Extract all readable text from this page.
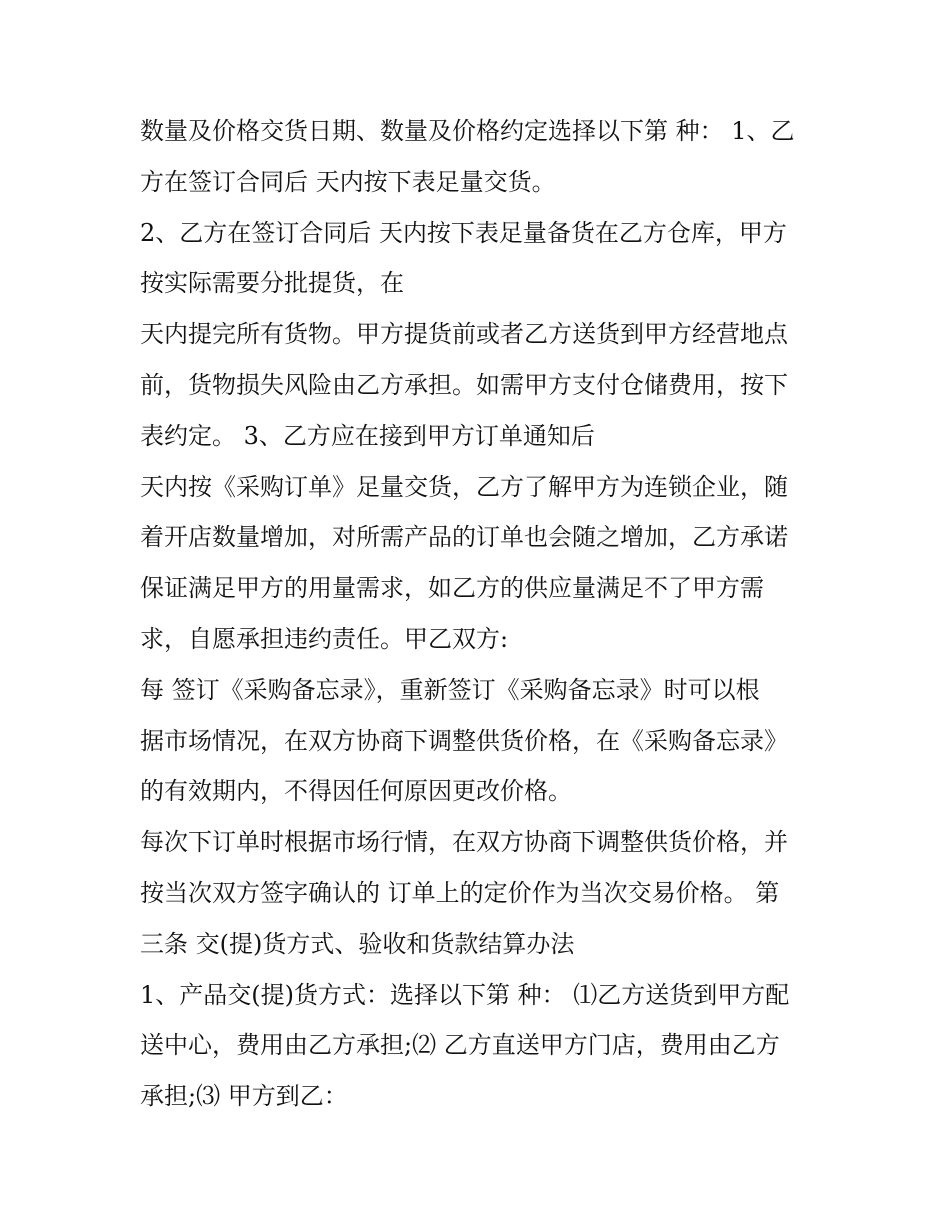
数量及价格交货日期、数量及价格约定选择以下第 种： 1、乙
方在签订合同后 天内按下表足量交货。
2、乙方在签订合同后 天内按下表足量备货在乙方仓库，甲方
按实际需要分批提货，在
天内提完所有货物。甲方提货前或者乙方送货到甲方经营地点
前，货物损失风险由乙方承担。如需甲方支付仓储费用，按下
表约定。 3、乙方应在接到甲方订单通知后
天内按《采购订单》足量交货，乙方了解甲方为连锁企业，随
着开店数量增加，对所需产品的订单也会随之增加，乙方承诺
保证满足甲方的用量需求，如乙方的供应量满足不了甲方需
求，自愿承担违约责任。甲乙双方:
每 签订《采购备忘录》，重新签订《采购备忘录》时可以根
据市场情况，在双方协商下调整供货价格，在《采购备忘录》
的有效期内，不得因任何原因更改价格。
每次下订单时根据市场行情，在双方协商下调整供货价格，并
按当次双方签字确认的 订单上的定价作为当次交易价格。 第
三条 交(提)货方式、验收和货款结算办法
1、产品交(提)货方式：选择以下第 种： ⑴乙方送货到甲方配
送中心，费用由乙方承担;⑵ 乙方直送甲方门店，费用由乙方
承担;⑶ 甲方到乙：
